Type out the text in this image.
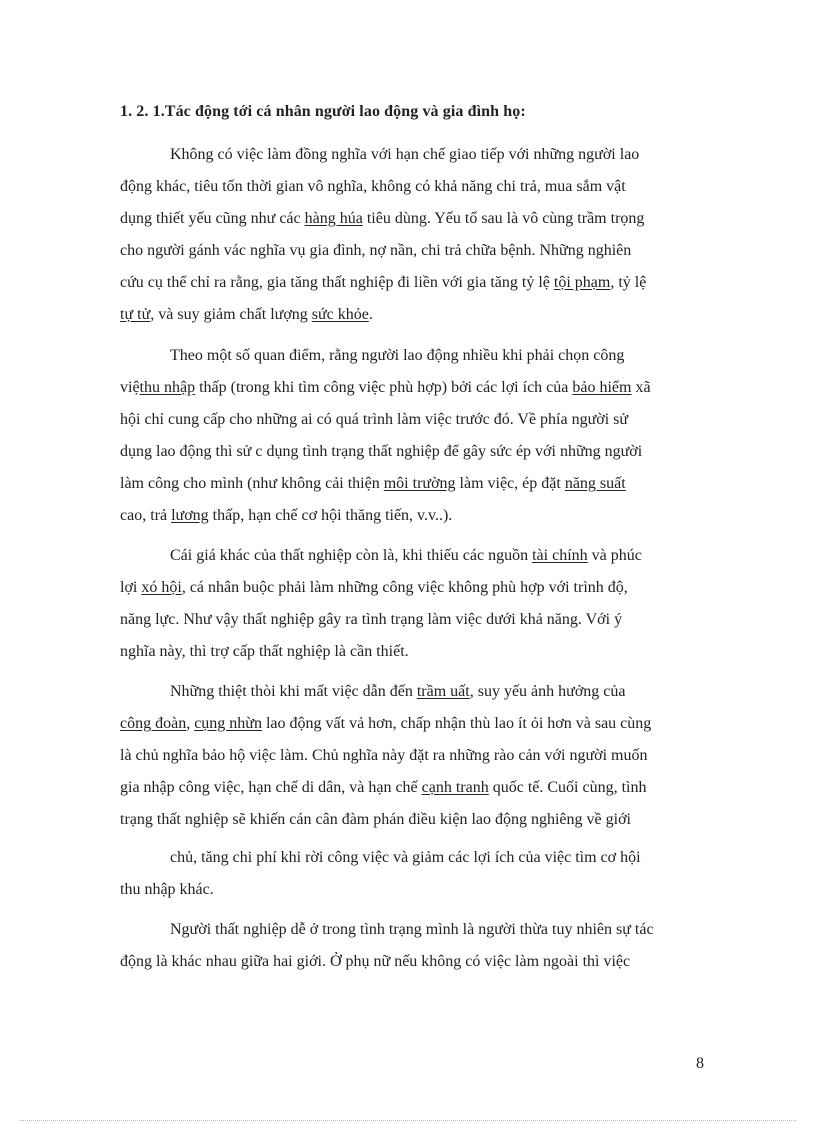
1. 2. 1.Tác động tới cá nhân người lao động và gia đình họ:
Không có việc làm đồng nghĩa với hạn chế giao tiếp với những người lao
động khác, tiêu tốn thời gian vô nghĩa, không có khả năng chi trả, mua sắm vật
dụng thiết yếu cũng như các hàng húa tiêu dùng. Yếu tố sau là vô cùng trầm trọng
cho người gánh vác nghĩa vụ gia đình, nợ nần, chi trả chữa bệnh. Những nghiên
cứu cụ thể chỉ ra rằng, gia tăng thất nghiệp đi liền với gia tăng tỷ lệ tội phạm, tỷ lệ
tự tử, và suy giảm chất lượng sức khỏe.
Theo một số quan điểm, rằng người lao động nhiều khi phải chọn công
việthu nhập thấp (trong khi tìm công việc phù hợp) bởi các lợi ích của bảo hiểm xã
hội chỉ cung cấp cho những ai có quá trình làm việc trước đó. Về phía người sử
dụng lao động thì sử c dụng tình trạng thất nghiệp để gây sức ép với những người
làm công cho mình (như không cải thiện môi trường làm việc, ép đặt năng suất
cao, trả lương thấp, hạn chế cơ hội thăng tiến, v.v..).
Cái giá khác của thất nghiệp còn là, khi thiếu các nguồn tài chính và phúc
lợi xó hội, cá nhân buộc phải làm những công việc không phù hợp với trình độ,
năng lực. Như vậy thất nghiệp gây ra tình trạng làm việc dưới khả năng. Với ý
nghĩa này, thì trợ cấp thất nghiệp là cần thiết.
Những thiệt thòi khi mất việc dẫn đến trầm uất, suy yếu ảnh hưởng của
công đoàn, cụng nhừn lao động vất vả hơn, chấp nhận thù lao ít ỏi hơn và sau cùng
là chủ nghĩa bảo hộ việc làm. Chủ nghĩa này đặt ra những rào cản với người muốn
gia nhập công việc, hạn chế di dân, và hạn chế cạnh tranh quốc tế. Cuối cùng, tình
trạng thất nghiệp sẽ khiến cán cân đàm phán điều kiện lao động nghiêng về giới
chủ, tăng chi phí khi rời công việc và giảm các lợi ích của việc tìm cơ hội
thu nhập khác.
Người thất nghiệp dễ ở trong tình trạng mình là người thừa tuy nhiên sự tác
động là khác nhau giữa hai giới. Ở phụ nữ nếu không có việc làm ngoài thì việc
8
